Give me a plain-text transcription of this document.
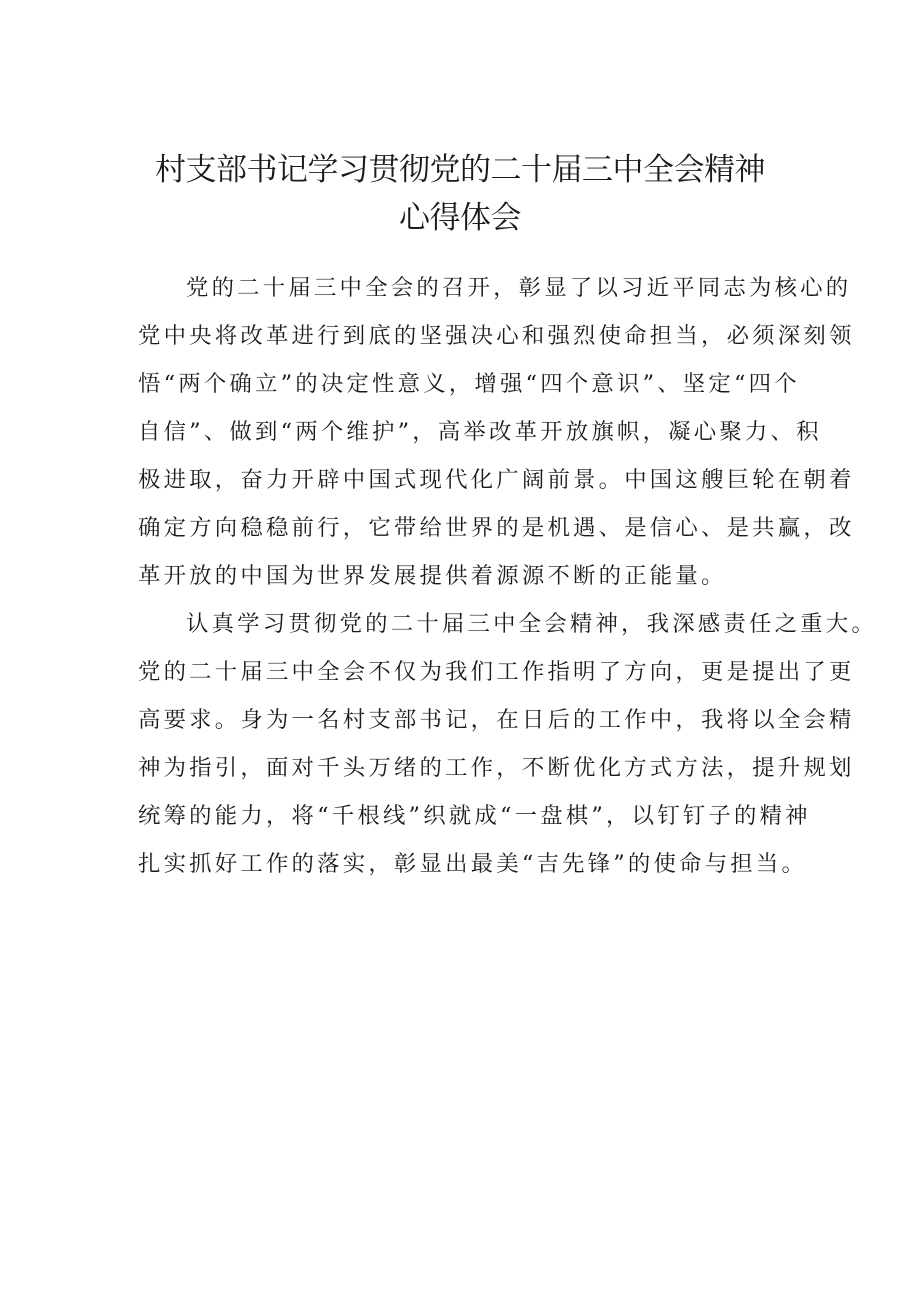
村支部书记学习贯彻党的二十届三中全会精神
心得体会
党的二十届三中全会的召开，彰显了以习近平同志为核心的
党中央将改革进行到底的坚强决心和强烈使命担当，必须深刻领
悟“两个确立”的决定性意义，增强“四个意识”、坚定“四个
自信”、做到“两个维护”，高举改革开放旗帜，凝心聚力、积
极进取，奋力开辟中国式现代化广阔前景。中国这艘巨轮在朝着
确定方向稳稳前行，它带给世界的是机遇、是信心、是共赢，改
革开放的中国为世界发展提供着源源不断的正能量。
认真学习贯彻党的二十届三中全会精神，我深感责任之重大。
党的二十届三中全会不仅为我们工作指明了方向，更是提出了更
高要求。身为一名村支部书记，在日后的工作中，我将以全会精
神为指引，面对千头万绪的工作，不断优化方式方法，提升规划
统筹的能力，将“千根线”织就成“一盘棋”，以钉钉子的精神
扎实抓好工作的落实，彰显出最美“吉先锋”的使命与担当。
